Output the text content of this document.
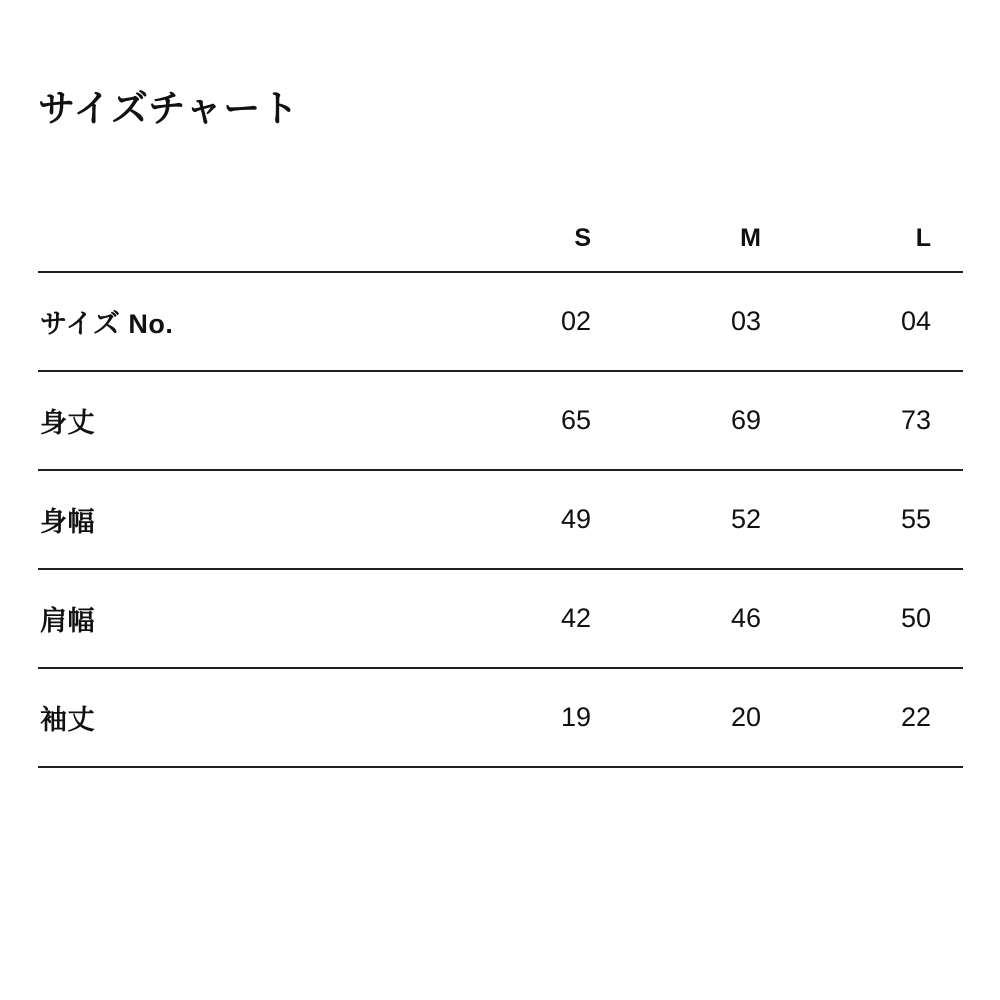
サイズチャート
	S	M	L
サイズ No.	02	03	04
身丈	65	69	73
身幅	49	52	55
肩幅	42	46	50
袖丈	19	20	22
